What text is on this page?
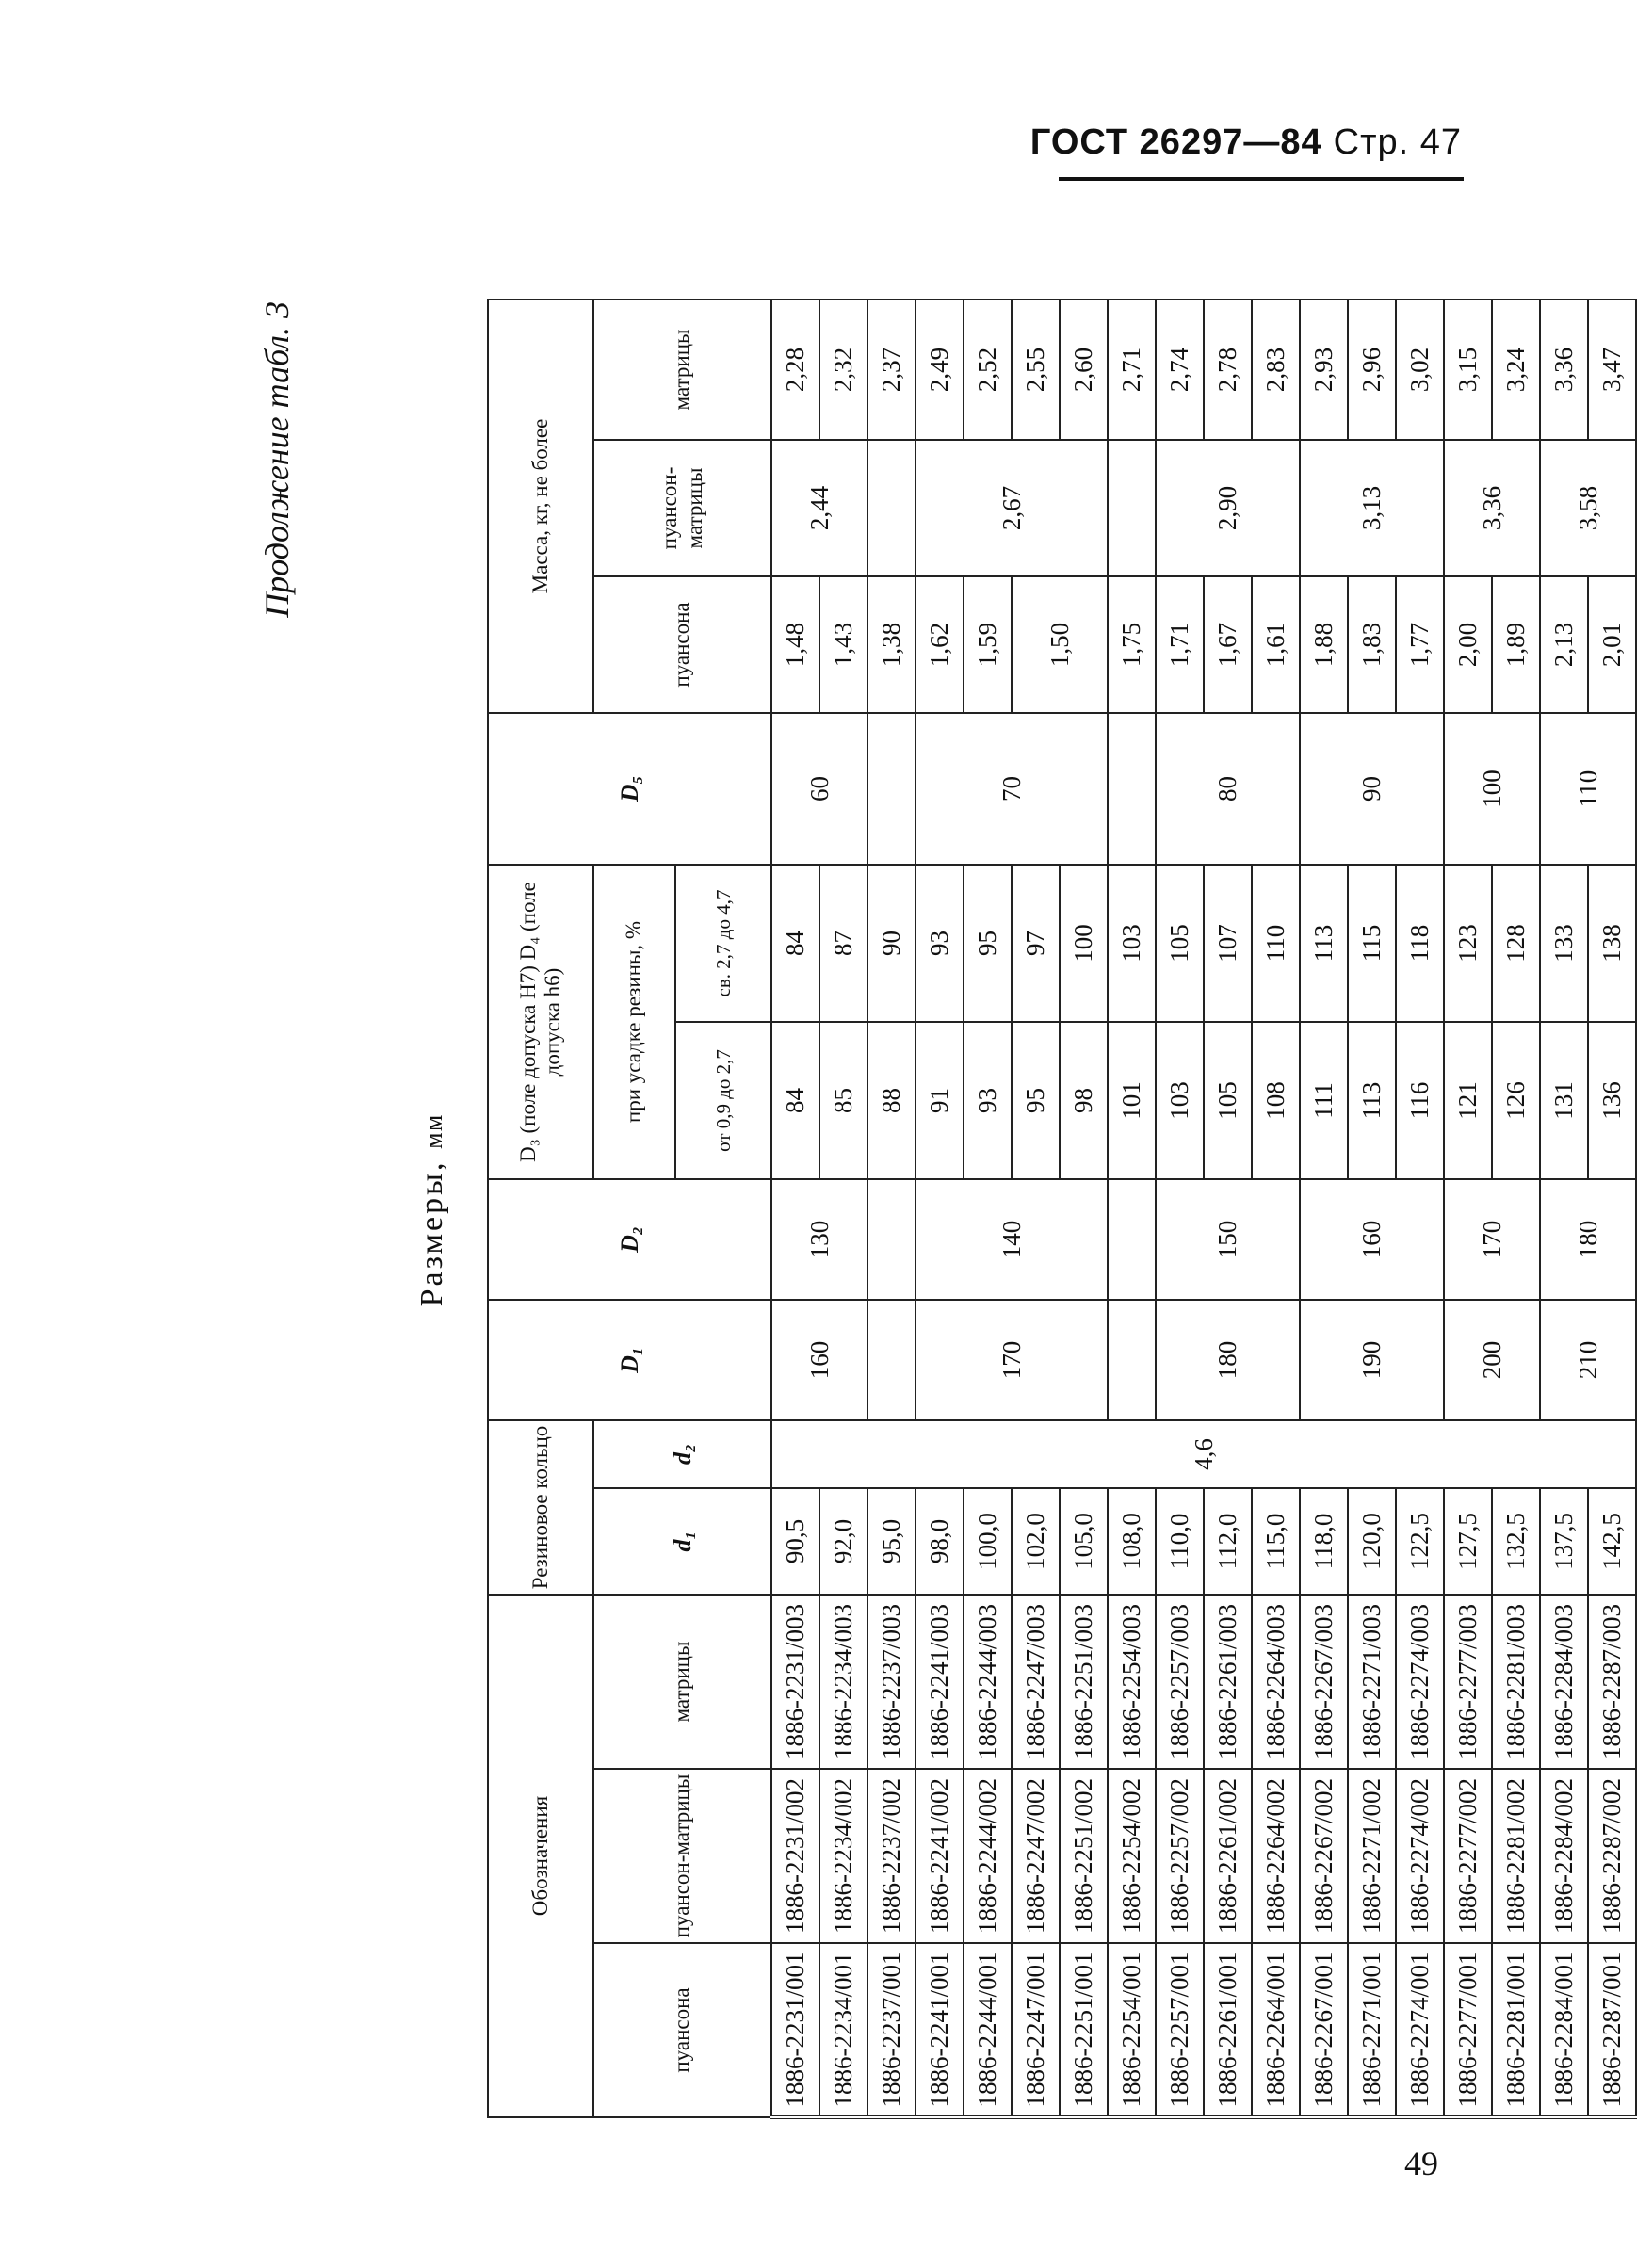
ГОСТ 26297—84 Стр. 47
Продолжение табл. 3
Размеры, мм
Обозначения			Резиновое кольцо		D₁	D₂	D₃ (поле допуска H7) D₄ (поле допуска h6)		D₅	Масса, кг, не более		
пуансона	пуансон-матрицы	матрицы	d₁	d₂			при усадке резины, %			пуансона	пуансон-матрицы	матрицы
							от 0,9 до 2,7	св. 2,7 до 4,7				
1886-2231/001	1886-2231/002	1886-2231/003	90,5	4,6	160	130	84	84	60	1,48	2,44	2,28
1886-2234/001	1886-2234/002	1886-2234/003	92,0				85	87		1,43		2,32
1886-2237/001	1886-2237/002	1886-2237/003	95,0				88	90		1,38		2,37
1886-2241/001	1886-2241/002	1886-2241/003	98,0		170	140	91	93	70	1,62	2,67	2,49
1886-2244/001	1886-2244/002	1886-2244/003	100,0				93	95		1,59		2,52
1886-2247/001	1886-2247/002	1886-2247/003	102,0				95	97		1,50		2,55
1886-2251/001	1886-2251/002	1886-2251/003	105,0				98	100				2,60
1886-2254/001	1886-2254/002	1886-2254/003	108,0				101	103		1,75		2,71
1886-2257/001	1886-2257/002	1886-2257/003	110,0		180	150	103	105	80	1,71	2,90	2,74
1886-2261/001	1886-2261/002	1886-2261/003	112,0				105	107		1,67		2,78
1886-2264/001	1886-2264/002	1886-2264/003	115,0				108	110		1,61		2,83
1886-2267/001	1886-2267/002	1886-2267/003	118,0		190	160	111	113	90	1,88	3,13	2,93
1886-2271/001	1886-2271/002	1886-2271/003	120,0				113	115		1,83		2,96
1886-2274/001	1886-2274/002	1886-2274/003	122,5				116	118		1,77		3,02
1886-2277/001	1886-2277/002	1886-2277/003	127,5		200	170	121	123	100	2,00	3,36	3,15
1886-2281/001	1886-2281/002	1886-2281/003	132,5				126	128		1,89		3,24
1886-2284/001	1886-2284/002	1886-2284/003	137,5		210	180	131	133	110	2,13	3,58	3,36
1886-2287/001	1886-2287/002	1886-2287/003	142,5				136	138		2,01		3,47
49
